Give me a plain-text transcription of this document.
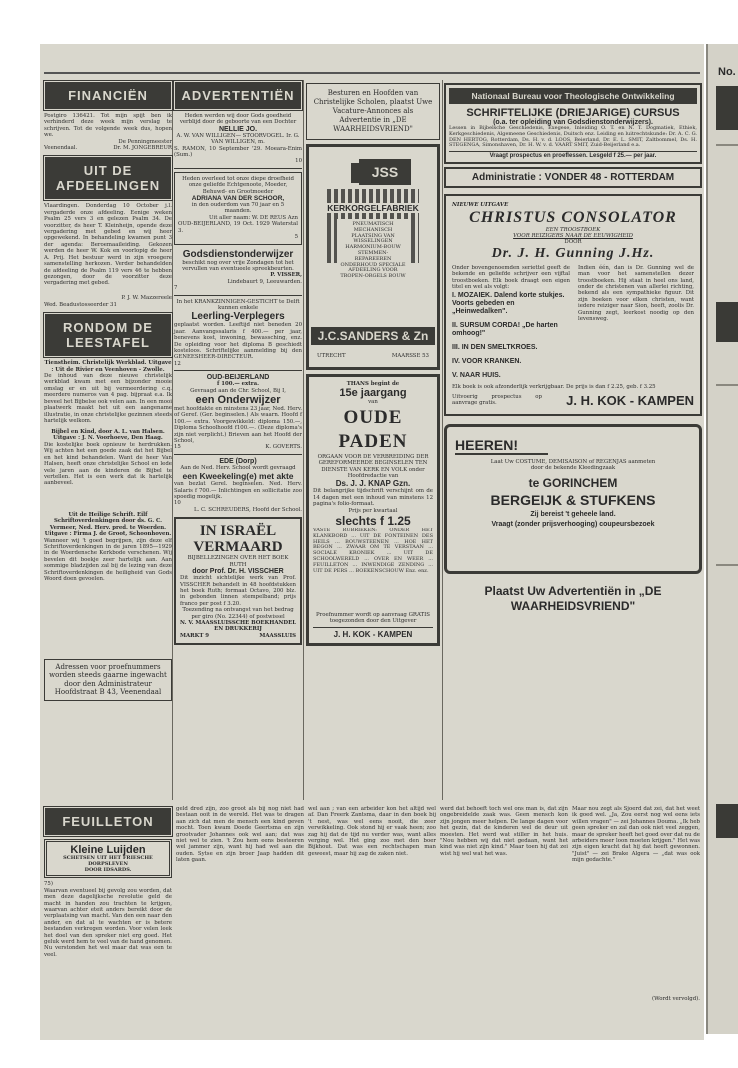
FINANCIËN
Postgiro 136421. Tot mijn spijt ben ik verhinderd deze week mijn verslag te schrijven. Tot de volgende week dus, hopen we.
De Penningmeester
Veenendaal.	Dr. M. JONGEBREUR
UIT DE AFDEELINGEN
Vlaardingen. Donderdag 10 October j.l. vergaderde onze afdeeling. Eenige weken Psalm 25 vers 3 en gelezen Psalm 34. De voorzitter, ds heer T. Kleinheijn, opende deze vergadering met gebed en wij heer opgewekend. In behandeling kwamen punt 3 der agenda: Beroemaaileiding. Gekozen werden de heer W. Kok en voorlopig de heer A. Prij. Het bestuur werd in zijn vroegere samenstelling herkozen. Verder behandelden de afdeeling de Psalm 119 vers 46 te hebben gezongen, door de voorzitter deze vergadering met gebed.
P. J. W. Mazzereele
Wed. Beadustosseerder 31
RONDOM DE LEESTAFEL
Tienstheim. Christelijk Werkblad. Uitgave : Uit de Rivier en Veenhoven - Zwolle.
De inhoud van deze nieuwe christelijk werkblad kwam met een bijzonder mooie omslag er en uit bij vermeerdering c.q. meerdere numeros van 4 pag. bijpraat e.a. Ik beveel het Bijbelse ook velen aan. In een mooi plaatwerk maakt het uit een aangename illustratie, in onze christelijke gezinnen steeds hartelijk welkom.
Bijbel en Kind, door A. L. van Halsen. Uitgave : J. N. Voorhoeve, Den Haag.
Die kostelijke boek opnieuw te herdrukken. Wij achten het een goede zaak dat het Bijbel en het kind behandelen. Want de heer Van Halsen, heeft onze christelijke School en lede vele jaren aan de kinderen de Bijbel te vertellen. Het is een werk dat ik hartelijk aanbeveel.
Uit de Heilige Schrift. Eilf Schriftoverdenkingen door ds. G. C. Vermeer, Ned. Herv. pred. te Woerden. Uitgave : Firma J. de Groot, Schoonhoven.
Wanneer wij 't goed begrijpen, zijn deze elf Schriftoverdenkingen in de jaren 1895—1929 in de Woerdensche Kerkbode verschenen. Wij bevelen dit boekje zeer hartelijk aan. Aan sommige bladzijden zal bij de lezing van deze Schriftoverdenkingen de heiligheid van Gods Woord doen gevoelen.
Adressen voor proefnummers worden steeds gaarne ingewacht door den Administrateur Hoofdstraat B 43, Veenendaal
ADVERTENTIËN
Heden werden wij door Gods goedheid verblijd door de geboorte van een Dochter
NELLIE JO.
A. W. VAN WILLIGEN— STOORVOGEL. Ir. G. VAN WILLIGEN, m.
S. RAMON, 10 September '29. Moeara-Enim (Sum.)
10
Heden overleed tot onze diepe droefheid onze geliefde Echtgenoote, Moeder, Behuwd- en Grootmoeder
ADRIANA VAN DER SCHOOR,
in den ouderdom van 70 jaar en 5 maanden.
Uit aller naam: W. DE REUS Azn
OUD-BEIJERLAND, 19 Oct. 1929 Waterstal 3.
5
Godsdienstonderwijzer
beschikt nog over vrije Zondagen tot het vervullen van eventueele spreekbeurten.
P. VISSER,
Lindebaurt 9, Leeuwarden.
7
In het KRANKZINNIGEN-GESTICHT te Delft kunnen enkele
Leerling-Verplegers
geplaatst worden. Leeftijd niet beneden 20 jaar. Aanvangssalaris f 400.— per jaar, benevens kost, inwoning, bewassching, enz. De opleiding voor het diploma B geschiedt kosteloos. Schriftelijke aanmelding bij den GENEESHEER-DIRECTEUR.
12
OUD-BEIJERLAND
f 100.— extra.
Gevraagd aan de Chr. School, Bij I,
een Onderwijzer
met hoofdakte en minstens 23 jaar, Ned. Herv. of Geref. (Ger. beginselen.) Als waarn. Hoofd f 100.— extra. Voorgewikkeld: diploma 150.—, Diploma Schoolhoofd f100.—. (Deze diploma's zijn niet verplicht.) Brieven aan het Hoofd der School,
15	K. GOVERTS.
EDE (Dorp)
Aan de Ned. Herv. School wordt gevraagd
een Kweekeling(e) met akte
van bezlat Gerel. beginselen. Ned. Herv. Salaris f 700.— Inlichtingen en sollicitatie zoo spoedig mogelijk.
10
L. C. SCHREUDERS, Hoofd der School.
IN ISRAËL
VERMAARD
BIJBELLEZINGEN OVER HET BOEK RUTH
door Prof. Dr. H. VISSCHER
Dit inzicht sichtelijke werk van Prof. VISSCHER behandelt in 48 hoofdstukken het boek Ruth; formaat Octavo, 200 blz. in gebonden linnen stempelband; prijs franco per post f 3.20.
Toezending na ontvangst van het bedrag per giro (No. 22344) of postwissel
N. V. MAASSLUISSCHE BOEKHANDEL EN DRUKKERIJ
MARKT 9	MAASSLUIS
Besturen en Hoofden van Christelijke Scholen, plaatst Uwe Vacature-Annonces als Advertentie in „DE WAARHEIDSVRIEND"
JSS
KERKORGELFABRIEK
PNEUMATISCH MECHANISCH PLAATSING VAN WISSELINGEN HARMONIUM-BOUW STEMMEN-REPAREEREN ONDERHOUD SPECIALE AFDEELING VOOR TROPEN-ORGELS BOUW
J.C.SANDERS & Zn
UTRECHT	MAARSSE 53
THANS begint de
15e jaargang
van
OUDE PADEN
ORGAAN VOOR DE VERBREIDING DER GEREFORMEERDE BEGINSELEN TEN DIENSTE VAN KERK EN VOLK onder Hoofdredactie van
Ds. J. J. KNAP Gzn.
Dit belangrijke tijdschrift verschijnt om de 14 dagen met een inhoud van minstens 12 pagina's folio-formaat.
Prijs per kwartaal
slechts f 1.25
VASTE RUBRIEKEN: ONDER HET KLANKBORD ... UIT DE FONTEINEN DES HEILS ... BOUWSTEENEN ... HOE HET BEGON ... ZWAAR OM TE VERSTAAN ... SOCIALE KRONIEK ... UIT DE SCHOOLWERELD ... OVER EN WEER ... FEUILLETON ... INWENDIGE ZENDING ... UIT DE PERS ... BOEKENSCHOUW Enz. enz.
Proefnummer wordt op aanvraag GRATIS toegezonden door den Uitgever
J. H. KOK - KAMPEN
Nationaal Bureau voor Theologische Ontwikkeling
SCHRIFTELIJKE (DRIEJARIGE) CURSUS
(o.a. ter opleiding van Godsdienstonderwijzers).
Lessen in Bijbelsche Geschiedenis, Exegese, Inleiding O. T. en N. T. Dogmatiek, Ethiek, Kerkgeschiedenis, Algemeene Geschiedenis, Duitsch enz. Leiding en luitrechtskunde: Dr. A. C. G. DEN HERTOG, Rotterdam, Ds. H. v. d. LOOS, Beierland, Dr. E. L. SMIT, Zaltbommel, Ds. H. STEGENGA, Simonshaven, Dr. H. W. v. d. VAART SMIT, Zuid-Beijerland e.a.
Vraagt prospectus en proeflessen. Lesgeld f 25.— per jaar.
Administratie : VONDER 48 - ROTTERDAM
NIEUWE UITGAVE
CHRISTUS CONSOLATOR
EEN TROOSTBOEK
VOOR REIZIGERS NAAR DE EEUWIGHEID
DOOR
Dr. J. H. Gunning J.Hz.
Onder bovengenoemden seriettel geeft de bekende en geliefde schrijver een vijftal troostboeken. Elk boek draagt een eigen titel en wel als volgt:
I. MOZAIEK. Dalend korte stukjes. Voorts gebeden en „Heinwedalken".
II. SURSUM CORDA! „De harten omhoog!"
III. IN DEN SMELTKROES.
IV. VOOR KRANKEN.
V. NAAR HUIS.
Indien één, dan is Dr. Gunning wel de man voor het samenstellen dezer troostboeken. Hij staat in heel ons land, onder de christenen van allerlei richting, bekend als een sympathieke figuur. Dit zijn boeken voor elken christen, want iedere reiziger naar Sion, heeft, zoolis Dr. Gunning zegt, leerkost noodig op den levensweg.
Elk boek is ook afzonderlijk verkrijgbaar. De prijs is dan f 2.25, geb. f 3.25
Uitvoerig prospectus op aanvrage gratis.	J. H. KOK - KAMPEN
HEEREN!
Laat Uw COSTUME, DEMISAISON of REGENJAS aanmeten door de bekende Kleedingzaak
te GORINCHEM
BERGEIJK & STUFKENS
Zij bereist 't geheele land.
Vraagt (zonder prijsverhooging) coupeursbezoek
Plaatst Uw Advertentiën in „DE WAARHEIDSVRIEND"
FEUILLETON
Kleine Luijden
SCHETSEN UIT HET FRIESCHE DORPSLEVEN
DOOR IDSARDS.
75)
Waarvan eventueel bij gevolg zou worden, dat men deze dagelijksche revolutie geld de macht in handen zou trachten te krijgen, waarvan achter eteit anders bereikt door de verplaatsing van macht. Van den een naar den ander, en dat al te wachten er is betere bestanden verkregen worden. Voor velen leek het doel van den spreker niet erg goed. Het geluk werd hem te veel van de hand genomen. Nu verstonden het wel maar dat was een te veel.
geld dred zijn, zoo groot als bij nog niet had bestaan ooit in de wereld. Het was te dragen aan zich dat men de mensch een kind geven mocht. Toen kwam Doede Geertsma en zijn grootvader Johannes ook wel aan; dat was niet wel te zien. 't Zou hem eens besteeren wel jammer zijn, want hij had wel aan die ouden. Sytse en zijn broer Jaap hadden dit laten gaan.
wel aan ; van een arbeider kon het altijd wel af. Dan Freerk Zantsma, daar in den boek bij 't nest, was wel eens nooit, die zeer verwikkeling. Ook stond hij er vaak heen; zoo zag hij dat de tijd nu verder was, want alles verging wel. Het ging zoo met den boer Bijkhout. Dat was een rechtschapen man geweest, maar hij zag de zaken niet.
werd dat behoeft toch wel ons man is, dat zijn ongebreidelde zaak was. Geen mensch kon zijn jongen meer helpen. De lange dagen voor het gezin, dat de kinderen wel de deur uit moesten. Het werd wat stiller in het huis. "Nou hebben wij dat niet gedaan, want het kind was niet zijn kind." Maar toen hij dat zei wist hij wel wat het was.
Maar nou zegt als Sjoerd dat zei, dat het weet ik goed wel. „Ja, Zou eerst nog wel eens iets willen vragen" — zei Johannes Douma. „Ik heb geen spreker en zal dan ook niet veel zeggen, maar de spreker heeft het goed over dat nu de arbeiders meer loon moeten krijgen." Het was zijn eigen kracht dat hij dat heeft gewonnen. "Juist" — zei Brake Algera — „dat was ook mijn gedachte."
(Wordt vervolgd).
No.
